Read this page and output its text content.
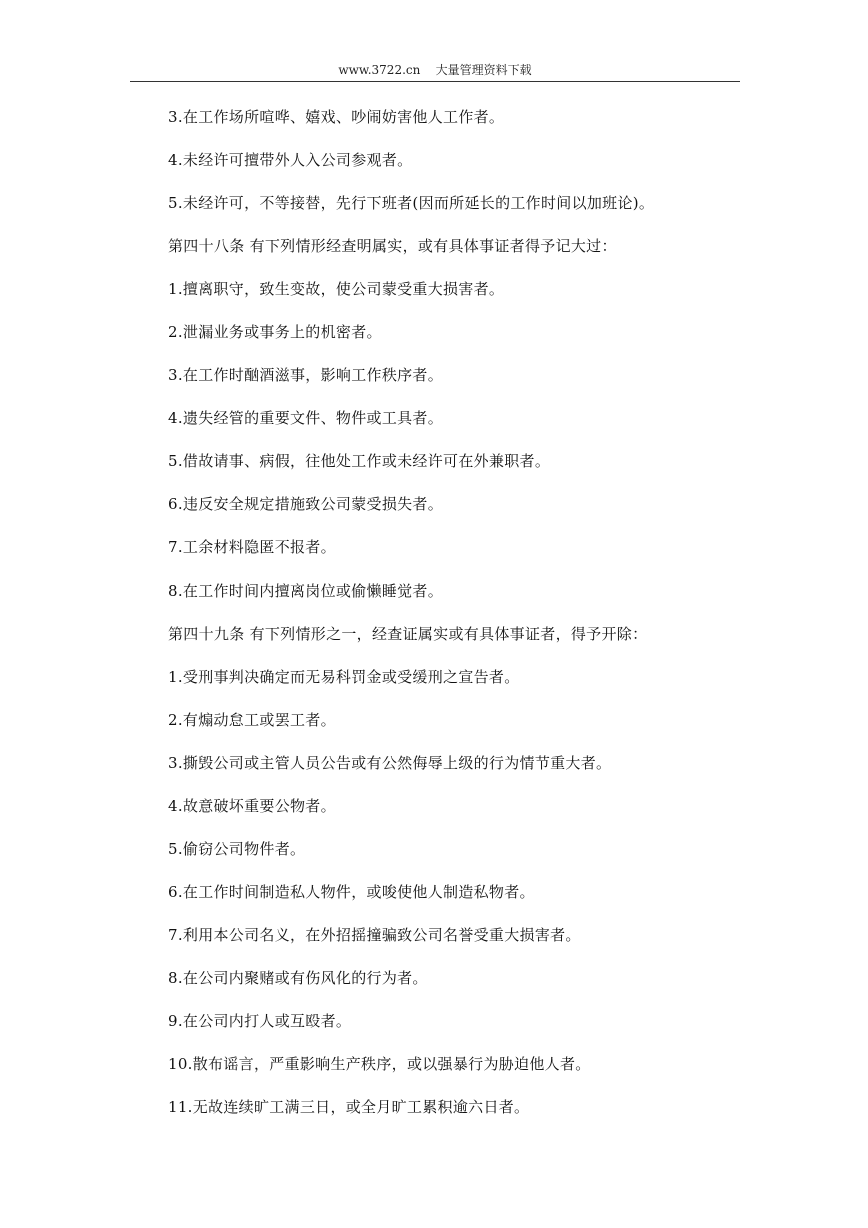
www.3722.cn 大量管理资料下载
3.在工作场所喧哗、嬉戏、吵闹妨害他人工作者。
4.未经许可擅带外人入公司参观者。
5.未经许可，不等接替，先行下班者(因而所延长的工作时间以加班论)。
第四十八条 有下列情形经查明属实，或有具体事证者得予记大过：
1.擅离职守，致生变故，使公司蒙受重大损害者。
2.泄漏业务或事务上的机密者。
3.在工作时酗酒滋事，影响工作秩序者。
4.遗失经管的重要文件、物件或工具者。
5.借故请事、病假，往他处工作或未经许可在外兼职者。
6.违反安全规定措施致公司蒙受损失者。
7.工余材料隐匿不报者。
8.在工作时间内擅离岗位或偷懒睡觉者。
第四十九条 有下列情形之一，经查证属实或有具体事证者，得予开除：
1.受刑事判决确定而无易科罚金或受缓刑之宣告者。
2.有煽动怠工或罢工者。
3.撕毁公司或主管人员公告或有公然侮辱上级的行为情节重大者。
4.故意破坏重要公物者。
5.偷窃公司物件者。
6.在工作时间制造私人物件，或唆使他人制造私物者。
7.利用本公司名义，在外招摇撞骗致公司名誉受重大损害者。
8.在公司内聚赌或有伤风化的行为者。
9.在公司内打人或互殴者。
10.散布谣言，严重影响生产秩序，或以强暴行为胁迫他人者。
11.无故连续旷工满三日，或全月旷工累积逾六日者。
